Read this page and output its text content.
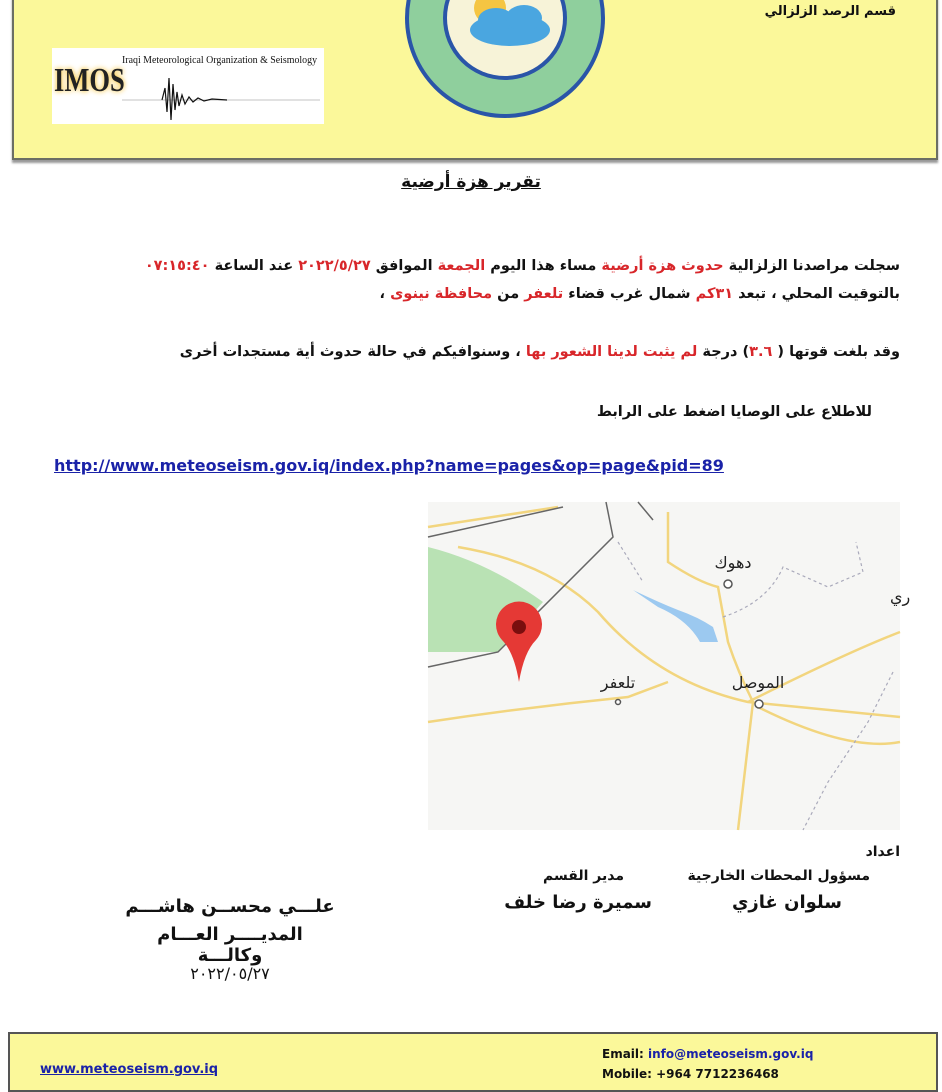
قسم الرصد الزلزالي
IMOS
Iraqi Meteorological Organization & Seismology
تقرير هزة أرضية
سجلت مراصدنا الزلزالية حدوث هزة أرضية مساء هذا اليوم الجمعة الموافق ٢٠٢٢/٥/٢٧ عند الساعة ٠٧:١٥:٤٠
بالتوقيت المحلي ، تبعد ٣١كم شمال غرب قضاء تلعفر من محافظة نينوى ،
وقد بلغت قوتها ( ٣.٦) درجة لم يثبت لدينا الشعور بها ، وسنوافيكم في حالة حدوث أية مستجدات أخرى
للاطلاع على الوصايا اضغط على الرابط
http://www.meteoseism.gov.iq/index.php?name=pages&op=page&pid=89
دهوك
الموصل
تلعفر
ري
اعداد
مسؤول المحطات الخارجية
سلوان غازي
مدير القسم
سميرة رضا خلف
علـــي محســن هاشـــم
المديــــر العـــام وكالـــة
٢٠٢٢/٠٥/٢٧
www.meteoseism.gov.iq
Email: info@meteoseism.gov.iq
Mobile: +964 7712236468
